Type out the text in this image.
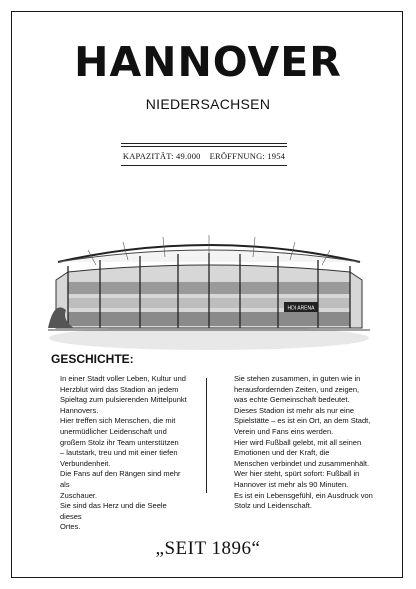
HANNOVER
NIEDERSACHSEN
KAPAZITÄT: 49.000 ERÖFFNUNG: 1954
HDI ARENA
GESCHICHTE:

In einer Stadt voller Leben, Kultur und

Herzblut wird das Stadion an jedem

Spieltag zum pulsierenden Mittelpunkt

Hannovers.

Hier treffen sich Menschen, die mit

unermüdlicher Leidenschaft und

großem Stolz ihr Team unterstützen

– lautstark, treu und mit einer tiefen

Verbundenheit.

Die Fans auf den Rängen sind mehr als

Zuschauer.

Sie sind das Herz und die Seele dieses

Ortes.

Sie stehen zusammen, in guten wie in

herausfordernden Zeiten, und zeigen,

was echte Gemeinschaft bedeutet.

Dieses Stadion ist mehr als nur eine

Spielstätte – es ist ein Ort, an dem Stadt,

Verein und Fans eins werden.

Hier wird Fußball gelebt, mit all seinen

Emotionen und der Kraft, die

Menschen verbindet und zusammenhält.

Wer hier steht, spürt sofort: Fußball in

Hannover ist mehr als 90 Minuten.

Es ist ein Lebensgefühl, ein Ausdruck von

Stolz und Leidenschaft.

„SEIT 1896“
